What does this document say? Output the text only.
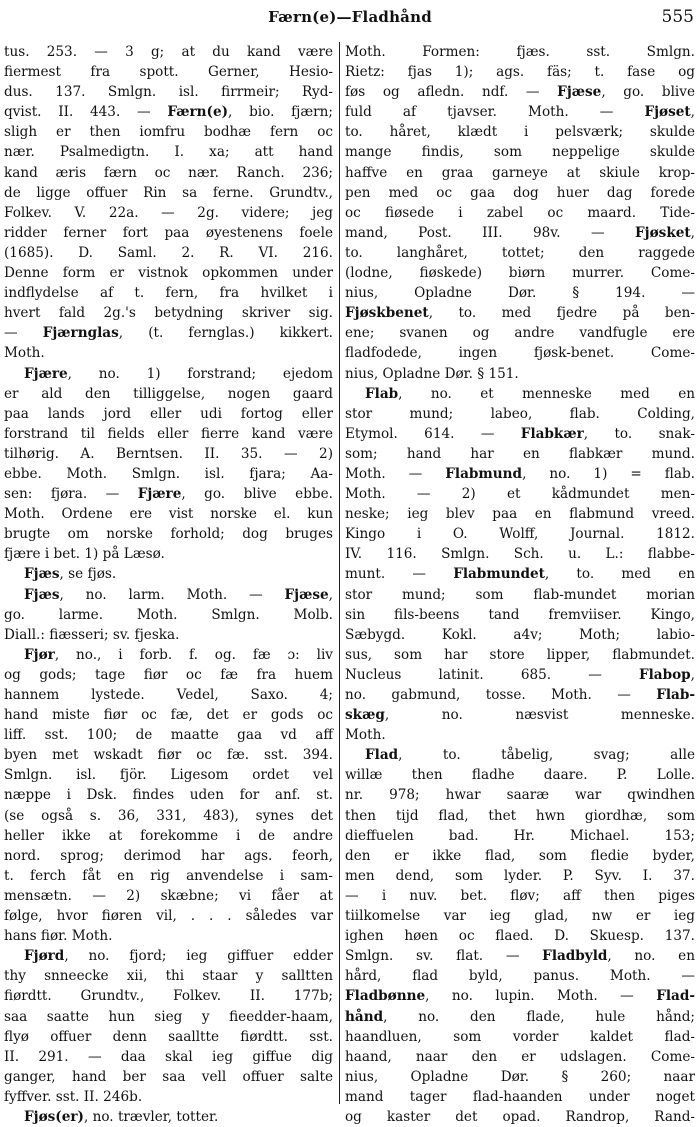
Færn(e)—Fladhånd	555
tus. 253. — 3 g; at du kand være
fiermest fra spott. Gerner, Hesio-
dus. 137. Smlgn. isl. firrmeir; Ryd-
qvist. II. 443. — Færn(e), bio. fjærn;
sligh er then iomfru bodhæ fern oc
nær. Psalmedigtn. I. xa; att hand
kand æris færn oc nær. Ranch. 236;
de ligge offuer Rin sa ferne. Grundtv.,
Folkev. V. 22a. — 2g. videre; jeg
ridder ferner fort paa øyestenens foele
(1685). D. Saml. 2. R. VI. 216.
Denne form er vistnok opkommen under
indflydelse af t. fern, fra hvilket i
hvert fald 2g.'s betydning skriver sig.
— Fjærnglas, (t. fernglas.) kikkert.
Moth.
Fjære, no. 1) forstrand; ejedom
er ald den tilliggelse, nogen gaard
paa lands jord eller udi fortog eller
forstrand til fields eller fierre kand være
tilhørig. A. Berntsen. II. 35. — 2)
ebbe. Moth. Smlgn. isl. fjara; Aa-
sen: fjøra. — Fjære, go. blive ebbe.
Moth. Ordene ere vist norske el. kun
brugte om norske forhold; dog bruges
fjære i bet. 1) på Læsø.
Fjæs, se fjøs.
Fjæs, no. larm. Moth. — Fjæse,
go. larme. Moth. Smlgn. Molb.
Diall.: fiæsseri; sv. fjeska.
Fjør, no., i forb. f. og. fæ ɔ: liv
og gods; tage fiør oc fæ fra huem
hannem lystede. Vedel, Saxo. 4;
hand miste fiør oc fæ, det er gods oc
liff. sst. 100; de maatte gaa vd aff
byen met wskadt fiør oc fæ. sst. 394.
Smlgn. isl. fjör. Ligesom ordet vel
næppe i Dsk. findes uden for anf. st.
(se også s. 36, 331, 483), synes det
heller ikke at forekomme i de andre
nord. sprog; derimod har ags. feorh,
t. ferch fåt en rig anvendelse i sam-
mensætn. — 2) skæbne; vi fåer at
følge, hvor fiøren vil, . . . således var
hans fiør. Moth.
Fjørd, no. fjord; ieg giffuer edder
thy snneecke xii, thi staar y salltten
fiørdtt. Grundtv., Folkev. II. 177b;
saa saatte hun sieg y fieedder-haam,
flyø offuer denn saalltte fiørdtt. sst.
II. 291. — daa skal ieg giffue dig
ganger, hand ber saa vell offuer salte
fyffver. sst. II. 246b.
Fjøs(er), no. trævler, totter.
Moth. Formen: fjæs. sst. Smlgn.
Rietz: fjas 1); ags. fäs; t. fase og
føs og afledn. ndf. — Fjæse, go. blive
fuld af tjavser. Moth. — Fjøset,
to. håret, klædt i pelsværk; skulde
mange findis, som neppelige skulde
haffve en graa garneye at skiule krop-
pen med oc gaa dog huer dag forede
oc fiøsede i zabel oc maard. Tide-
mand, Post. III. 98v. — Fjøsket,
to. langhåret, tottet; den raggede
(lodne, fiøskede) biørn murrer. Come-
nius, Opladne Dør. § 194. —
Fjøskbenet, to. med fjedre på ben-
ene; svanen og andre vandfugle ere
fladfodede, ingen fjøsk-benet. Come-
nius, Opladne Dør. § 151.
Flab, no. et menneske med en
stor mund; labeo, flab. Colding,
Etymol. 614. — Flabkær, to. snak-
som; hand har en flabkær mund.
Moth. — Flabmund, no. 1) = flab.
Moth. — 2) et kådmundet men-
neske; ieg blev paa en flabmund vreed.
Kingo i O. Wolff, Journal. 1812.
IV. 116. Smlgn. Sch. u. L.: flabbe-
munt. — Flabmundet, to. med en
stor mund; som flab-mundet morian
sin fils-beens tand fremviiser. Kingo,
Sæbygd. Kokl. a4v; Moth; labio-
sus, som har store lipper, flabmundet.
Nucleus latinit. 685. — Flabop,
no. gabmund, tosse. Moth. — Flab-
skæg, no. næsvist menneske.
Moth.
Flad, to. tåbelig, svag; alle
willæ then fladhe daare. P. Lolle.
nr. 978; hwar saaræ war qwindhen
then tijd flad, thet hwn giordhæ, som
dieffuelen bad. Hr. Michael. 153;
den er ikke flad, som fledie byder,
men dend, som lyder. P. Syv. I. 37.
— i nuv. bet. fløv; aff then piges
tiilkomelse var ieg glad, nw er ieg
ighen høen oc flaed. D. Skuesp. 137.
Smlgn. sv. flat. — Fladbyld, no. en
hård, flad byld, panus. Moth. —
Fladbønne, no. lupin. Moth. — Flad-
hånd, no. den flade, hule hånd;
haandluen, som vorder kaldet flad-
haand, naar den er udslagen. Come-
nius, Opladne Dør. § 260; naar
mand tager flad-haanden under noget
og kaster det opad. Randrop, Rand-
